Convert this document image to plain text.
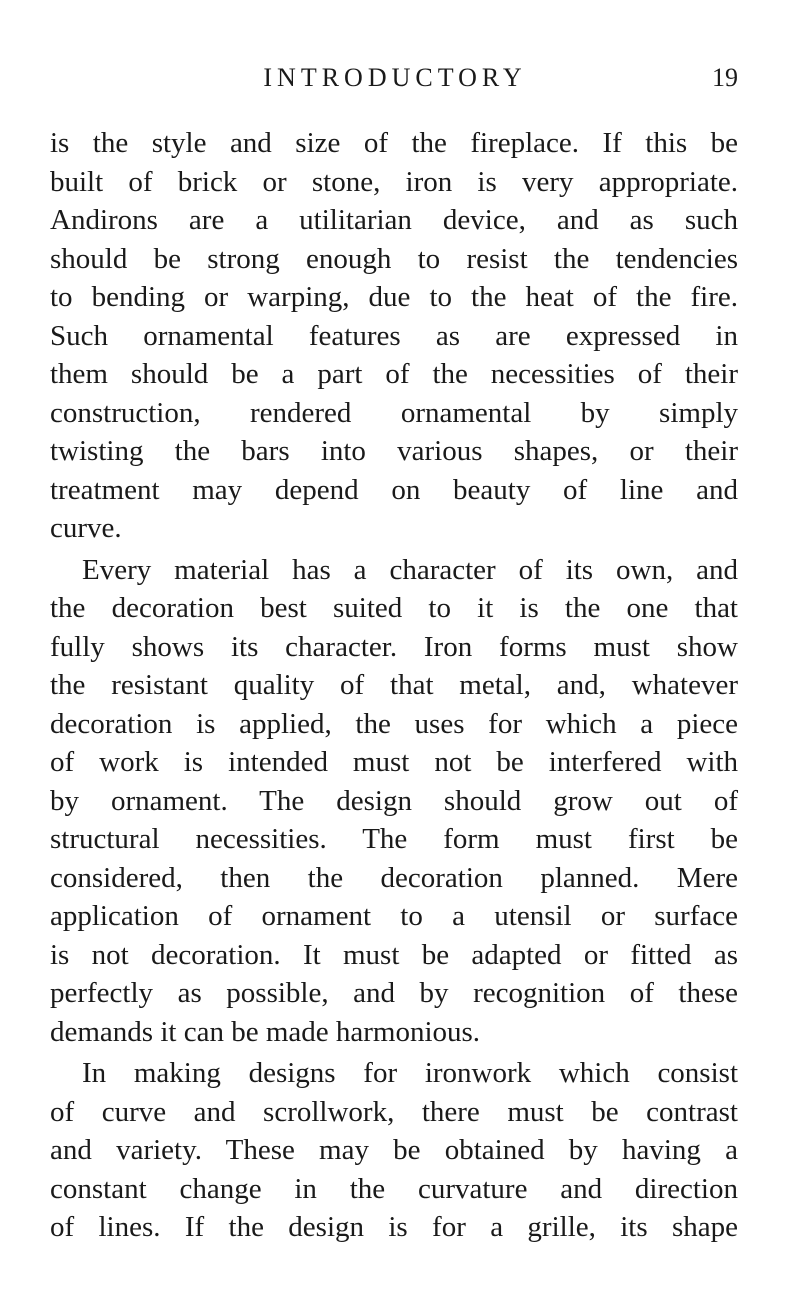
INTRODUCTORY	19

is the style and size of the fireplace. If this be
built of brick or stone, iron is very appropriate.
Andirons are a utilitarian device, and as such
should be strong enough to resist the tendencies
to bending or warping, due to the heat of the fire.
Such ornamental features as are expressed in
them should be a part of the necessities of their
construction, rendered ornamental by simply
twisting the bars into various shapes, or their
treatment may depend on beauty of line and
curve.

Every material has a character of its own, and
the decoration best suited to it is the one that
fully shows its character. Iron forms must show
the resistant quality of that metal, and, whatever
decoration is applied, the uses for which a piece
of work is intended must not be interfered with
by ornament. The design should grow out of
structural necessities. The form must first be
considered, then the decoration planned. Mere
application of ornament to a utensil or surface
is not decoration. It must be adapted or fitted as
perfectly as possible, and by recognition of these
demands it can be made harmonious.

In making designs for ironwork which consist
of curve and scrollwork, there must be contrast
and variety. These may be obtained by having a
constant change in the curvature and direction
of lines. If the design is for a grille, its shape
